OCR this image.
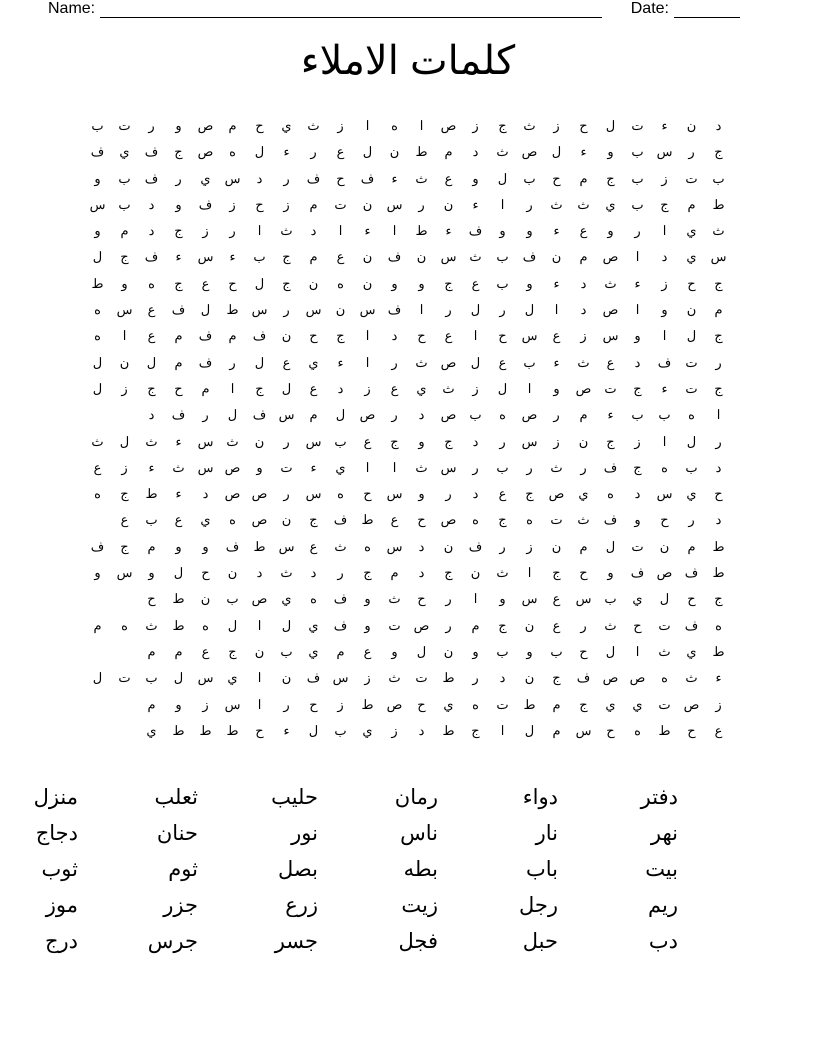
Name:	Date:
كلمات الاملاء
د
ن
ء
ت
ل
ح
ز
ث
ج
ز
ص
ا
ه
ا
ز
ث
ي
ح
م
ص
و
ر
ت
ب
ج
ر
س
ب
و
ء
ل
ص
ث
د
م
ط
ن
ل
ع
ر
ء
ل
ه
ص
ج
ف
ي
ف
ب
ت
ز
ب
ج
م
ح
ب
ل
و
ع
ث
ء
ف
ح
ف
ر
د
س
ي
ر
ف
ب
و
ط
م
ج
ب
ي
ث
ث
ر
ا
ء
ن
ر
س
ن
ت
م
ز
ح
ز
ف
و
د
ب
س
ث
ي
ا
ر
و
ع
ء
و
و
ف
ء
ط
ا
ء
ا
د
ث
ا
ر
ز
ج
د
م
و
س
ي
د
ا
ص
م
ن
ف
ب
ث
س
ن
ف
ن
ع
م
ج
ب
ء
س
ء
ف
ج
ل
ج
ح
ز
ء
ث
د
ء
و
ب
ع
ج
و
و
ن
ه
ن
ج
ل
ح
ع
ج
ه
و
ط
م
ن
و
ا
ص
د
ا
ل
ر
ل
ر
ا
ف
س
ن
س
ر
س
ط
ل
ف
ع
س
ه
ج
ل
ا
و
س
ز
ع
س
ح
ا
ع
ح
د
ا
ج
ح
ن
ف
م
ف
م
ع
ا
ه
ر
ت
ف
د
ع
ث
ء
ب
ع
ل
ص
ث
ر
ا
ء
ي
ع
ل
ر
ف
م
ل
ن
ل
ج
ت
ء
ج
ت
ص
و
ا
ل
ز
ث
ي
ع
ز
د
ع
ل
ج
ا
م
ح
ج
ز
ل
ا
ه
ب
ب
ء
م
ر
ص
ه
ب
ص
د
ر
ص
ل
م
س
ف
ل
ر
ف
د
ر
ل
ا
ز
ج
ن
ز
س
ر
د
ج
و
ج
ع
ب
س
ر
ن
ث
س
ء
ث
ل
ث
د
ب
ه
ج
ف
ر
ث
ر
ب
ر
س
ث
ا
ا
ي
ء
ت
و
ص
س
ث
ء
ز
ع
ح
ي
س
د
ه
ي
ص
ج
ع
د
ر
و
س
ح
ه
س
ر
ص
ص
د
ء
ط
ج
ه
د
ر
ح
و
ف
ث
ت
ه
ج
ه
ص
ح
ع
ط
ف
ج
ن
ص
ه
ي
ع
ب
ع
ط
م
ن
ت
ل
م
ن
ز
ر
ف
ن
د
س
ه
ث
ع
س
ط
ف
و
و
م
ج
ف
ط
ف
ص
ف
و
ح
ج
ا
ث
ن
ج
د
م
ج
ر
د
ث
د
ن
ح
ل
و
س
و
ج
ح
ل
ي
ب
س
ع
س
و
ا
ر
ح
ث
و
ف
ه
ي
ص
ب
ن
ط
ح
ه
ف
ت
ح
ث
ر
ع
ن
ج
م
ر
ص
ت
و
ف
ي
ل
ا
ل
ه
ط
ث
ه
م
ط
ي
ث
ا
ل
ح
ب
و
ب
و
ن
ل
و
ع
م
ي
ب
ن
ج
ع
م
م
ء
ث
ه
ص
ص
ف
ج
ن
د
ر
ط
ت
ث
ز
س
ف
ن
ا
ي
س
ل
ب
ت
ل
ز
ص
ت
ي
ي
ج
م
ط
ت
ه
ي
ح
ص
ط
ز
ح
ر
ا
س
ز
و
م
ع
ح
ط
ه
ح
س
م
ل
ا
ج
ط
د
ز
ي
ب
ل
ء
ح
ط
ط
ط
ي
دفتر
دواء
رمان
حليب
ثعلب
منزل
نهر
نار
ناس
نور
حنان
دجاج
بيت
باب
بطه
بصل
ثوم
ثوب
ريم
رجل
زيت
زرع
جزر
موز
دب
حبل
فجل
جسر
جرس
درج
